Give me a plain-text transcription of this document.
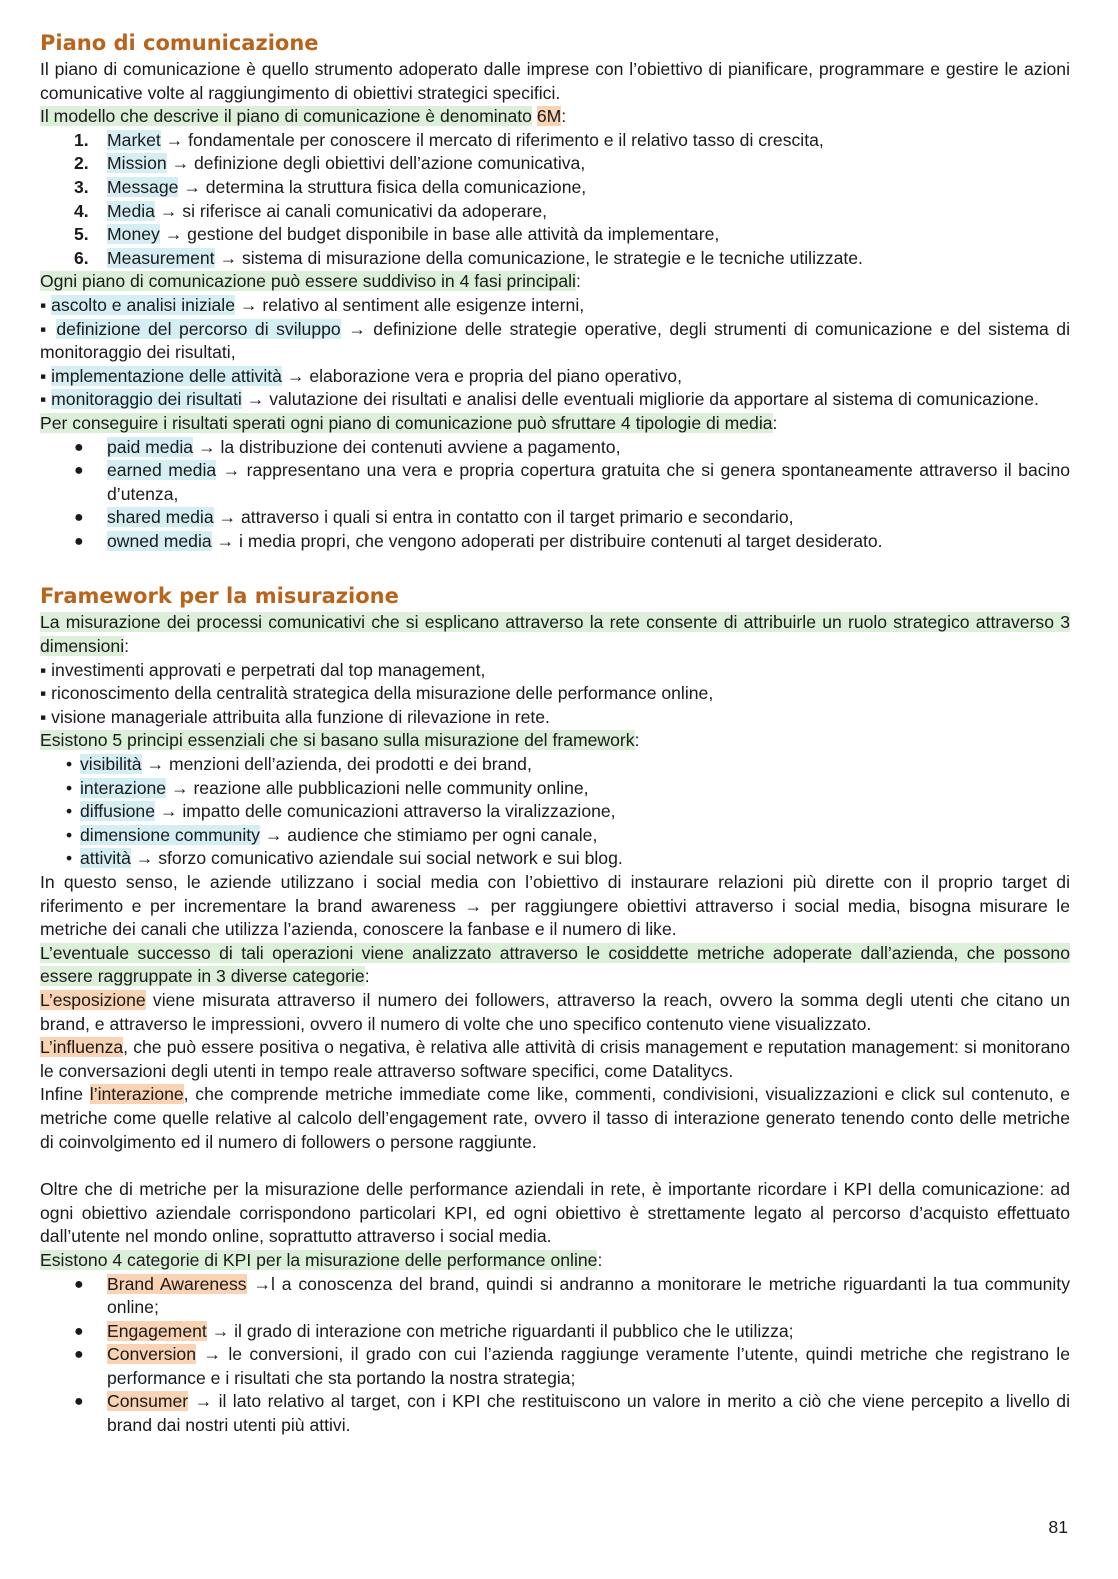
Piano di comunicazione

Il piano di comunicazione è quello strumento adoperato dalle imprese con l’obiettivo di pianificare, programmare e gestire le azioni comunicative volte al raggiungimento di obiettivi strategici specifici.

Il modello che descrive il piano di comunicazione è denominato 6M:

1. Market → fondamentale per conoscere il mercato di riferimento e il relativo tasso di crescita,
2. Mission → definizione degli obiettivi dell’azione comunicativa,
3. Message → determina la struttura fisica della comunicazione,
4. Media → si riferisce ai canali comunicativi da adoperare,
5. Money → gestione del budget disponibile in base alle attività da implementare,
6. Measurement → sistema di misurazione della comunicazione, le strategie e le tecniche utilizzate.

Ogni piano di comunicazione può essere suddiviso in 4 fasi principali:

▪ ascolto e analisi iniziale → relativo al sentiment alle esigenze interni,

▪ definizione del percorso di sviluppo → definizione delle strategie operative, degli strumenti di comunicazione e del sistema di monitoraggio dei risultati,

▪ implementazione delle attività → elaborazione vera e propria del piano operativo,

▪ monitoraggio dei risultati → valutazione dei risultati e analisi delle eventuali migliorie da apportare al sistema di comunicazione.

Per conseguire i risultati sperati ogni piano di comunicazione può sfruttare 4 tipologie di media:

● paid media → la distribuzione dei contenuti avviene a pagamento,
● earned media → rappresentano una vera e propria copertura gratuita che si genera spontaneamente attraverso il bacino d’utenza,
● shared media → attraverso i quali si entra in contatto con il target primario e secondario,
● owned media → i media propri, che vengono adoperati per distribuire contenuti al target desiderato.
Framework per la misurazione

La misurazione dei processi comunicativi che si esplicano attraverso la rete consente di attribuirle un ruolo strategico attraverso 3 dimensioni:

▪ investimenti approvati e perpetrati dal top management,

▪ riconoscimento della centralità strategica della misurazione delle performance online,

▪ visione manageriale attribuita alla funzione di rilevazione in rete.

Esistono 5 principi essenziali che si basano sulla misurazione del framework:

• visibilità → menzioni dell’azienda, dei prodotti e dei brand,
• interazione → reazione alle pubblicazioni nelle community online,
• diffusione → impatto delle comunicazioni attraverso la viralizzazione,
• dimensione community → audience che stimiamo per ogni canale,
• attività → sforzo comunicativo aziendale sui social network e sui blog.

In questo senso, le aziende utilizzano i social media con l’obiettivo di instaurare relazioni più dirette con il proprio target di riferimento e per incrementare la brand awareness → per raggiungere obiettivi attraverso i social media, bisogna misurare le metriche dei canali che utilizza l’azienda, conoscere la fanbase e il numero di like.

L’eventuale successo di tali operazioni viene analizzato attraverso le cosiddette metriche adoperate dall’azienda, che possono essere raggruppate in 3 diverse categorie:

L’esposizione viene misurata attraverso il numero dei followers, attraverso la reach, ovvero la somma degli utenti che citano un brand, e attraverso le impressioni, ovvero il numero di volte che uno specifico contenuto viene visualizzato.

L’influenza, che può essere positiva o negativa, è relativa alle attività di crisis management e reputation management: si monitorano le conversazioni degli utenti in tempo reale attraverso software specifici, come Datalitycs.

Infine l’interazione, che comprende metriche immediate come like, commenti, condivisioni, visualizzazioni e click sul contenuto, e metriche come quelle relative al calcolo dell’engagement rate, ovvero il tasso di interazione generato tenendo conto delle metriche di coinvolgimento ed il numero di followers o persone raggiunte.

Oltre che di metriche per la misurazione delle performance aziendali in rete, è importante ricordare i KPI della comunicazione: ad ogni obiettivo aziendale corrispondono particolari KPI, ed ogni obiettivo è strettamente legato al percorso d’acquisto effettuato dall’utente nel mondo online, soprattutto attraverso i social media.

Esistono 4 categorie di KPI per la misurazione delle performance online:

● Brand Awareness →l a conoscenza del brand, quindi si andranno a monitorare le metriche riguardanti la tua community online;
● Engagement → il grado di interazione con metriche riguardanti il pubblico che le utilizza;
● Conversion → le conversioni, il grado con cui l’azienda raggiunge veramente l’utente, quindi metriche che registrano le performance e i risultati che sta portando la nostra strategia;
● Consumer → il lato relativo al target, con i KPI che restituiscono un valore in merito a ciò che viene percepito a livello di brand dai nostri utenti più attivi.
81
